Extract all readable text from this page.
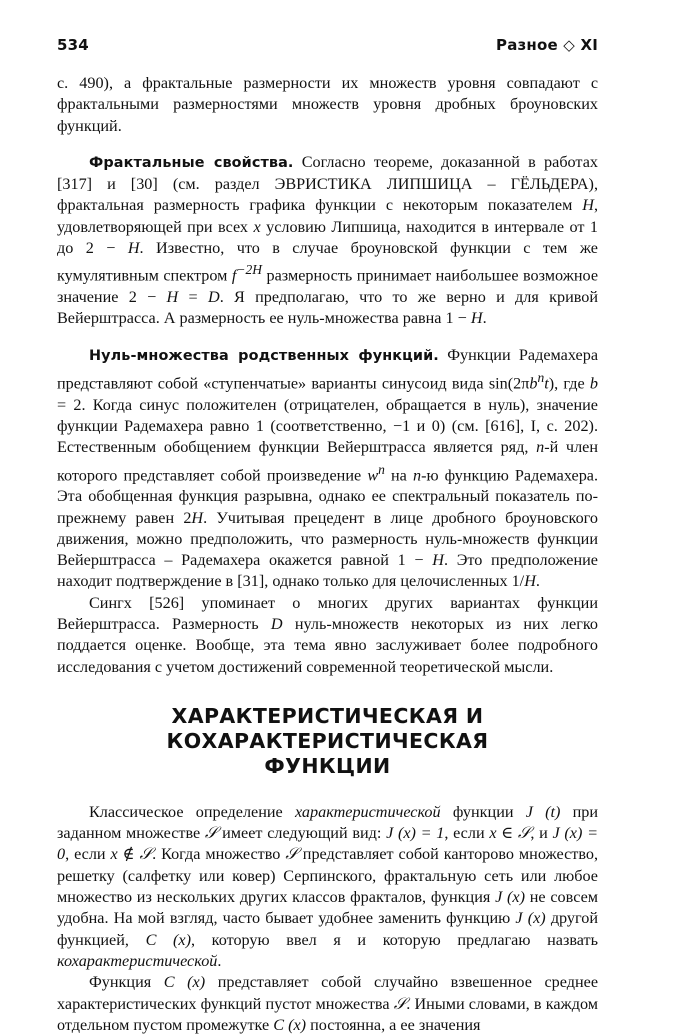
534	Разное ◇ XI

с. 490), а фрактальные размерности их множеств уровня совпадают с фрактальными размерностями множеств уровня дробных броуновских функций.

Фрактальные свойства. Согласно теореме, доказанной в работах [317] и [30] (см. раздел ЭВРИСТИКА ЛИПШИЦА – ГЁЛЬДЕРА), фрактальная размерность графика функции с некоторым показателем H, удовлетворяющей при всех x условию Липшица, находится в интервале от 1 до 2 − H. Известно, что в случае броуновской функции с тем же кумулятивным спектром $f^{-2H}$ размерность принимает наибольшее возможное значение 2 − H = D. Я предполагаю, что то же верно и для кривой Вейерштрасса. А размерность ее нуль-множества равна 1 − H.

Нуль-множества родственных функций. Функции Радемахера представляют собой «ступенчатые» варианты синусоид вида $\sin(2\pi b^nt)$, где b = 2. Когда синус положителен (отрицателен, обращается в нуль), значение функции Радемахера равно 1 (соответственно, −1 и 0) (см. [616], I, с. 202). Естественным обобщением функции Вейерштрасса является ряд, n-й член которого представляет собой произведение $w^n$ на n-ю функцию Радемахера. Эта обобщенная функция разрывна, однако ее спектральный показатель по-прежнему равен 2H. Учитывая прецедент в лице дробного броуновского движения, можно предположить, что размерность нуль-множеств функции Вейерштрасса – Радемахера окажется равной 1 − H. Это предположение находит подтверждение в [31], однако только для целочисленных 1/H.

Сингх [526] упоминает о многих других вариантах функции Вейерштрасса. Размерность D нуль-множеств некоторых из них легко поддается оценке. Вообще, эта тема явно заслуживает более подробного исследования с учетом достижений современной теоретической мысли.

ХАРАКТЕРИСТИЧЕСКАЯ И КОХАРАКТЕРИСТИЧЕСКАЯ
ФУНКЦИИ

Классическое определение характеристической функции J (t) при заданном множестве 𝒮 имеет следующий вид: J (x) = 1, если x ∈ 𝒮, и J (x) = 0, если x ∉ 𝒮. Когда множество 𝒮 представляет собой канторово множество, решетку (салфетку или ковер) Серпинского, фрактальную сеть или любое множество из нескольких других классов фракталов, функция J (x) не совсем удобна. На мой взгляд, часто бывает удобнее заменить функцию J (x) другой функцией, C (x), которую ввел я и которую предлагаю назвать кохарактеристической.

Функция C (x) представляет собой случайно взвешенное среднее характеристических функций пустот множества 𝒮. Иными словами, в каждом отдельном пустом промежутке C (x) постоянна, а ее значения
